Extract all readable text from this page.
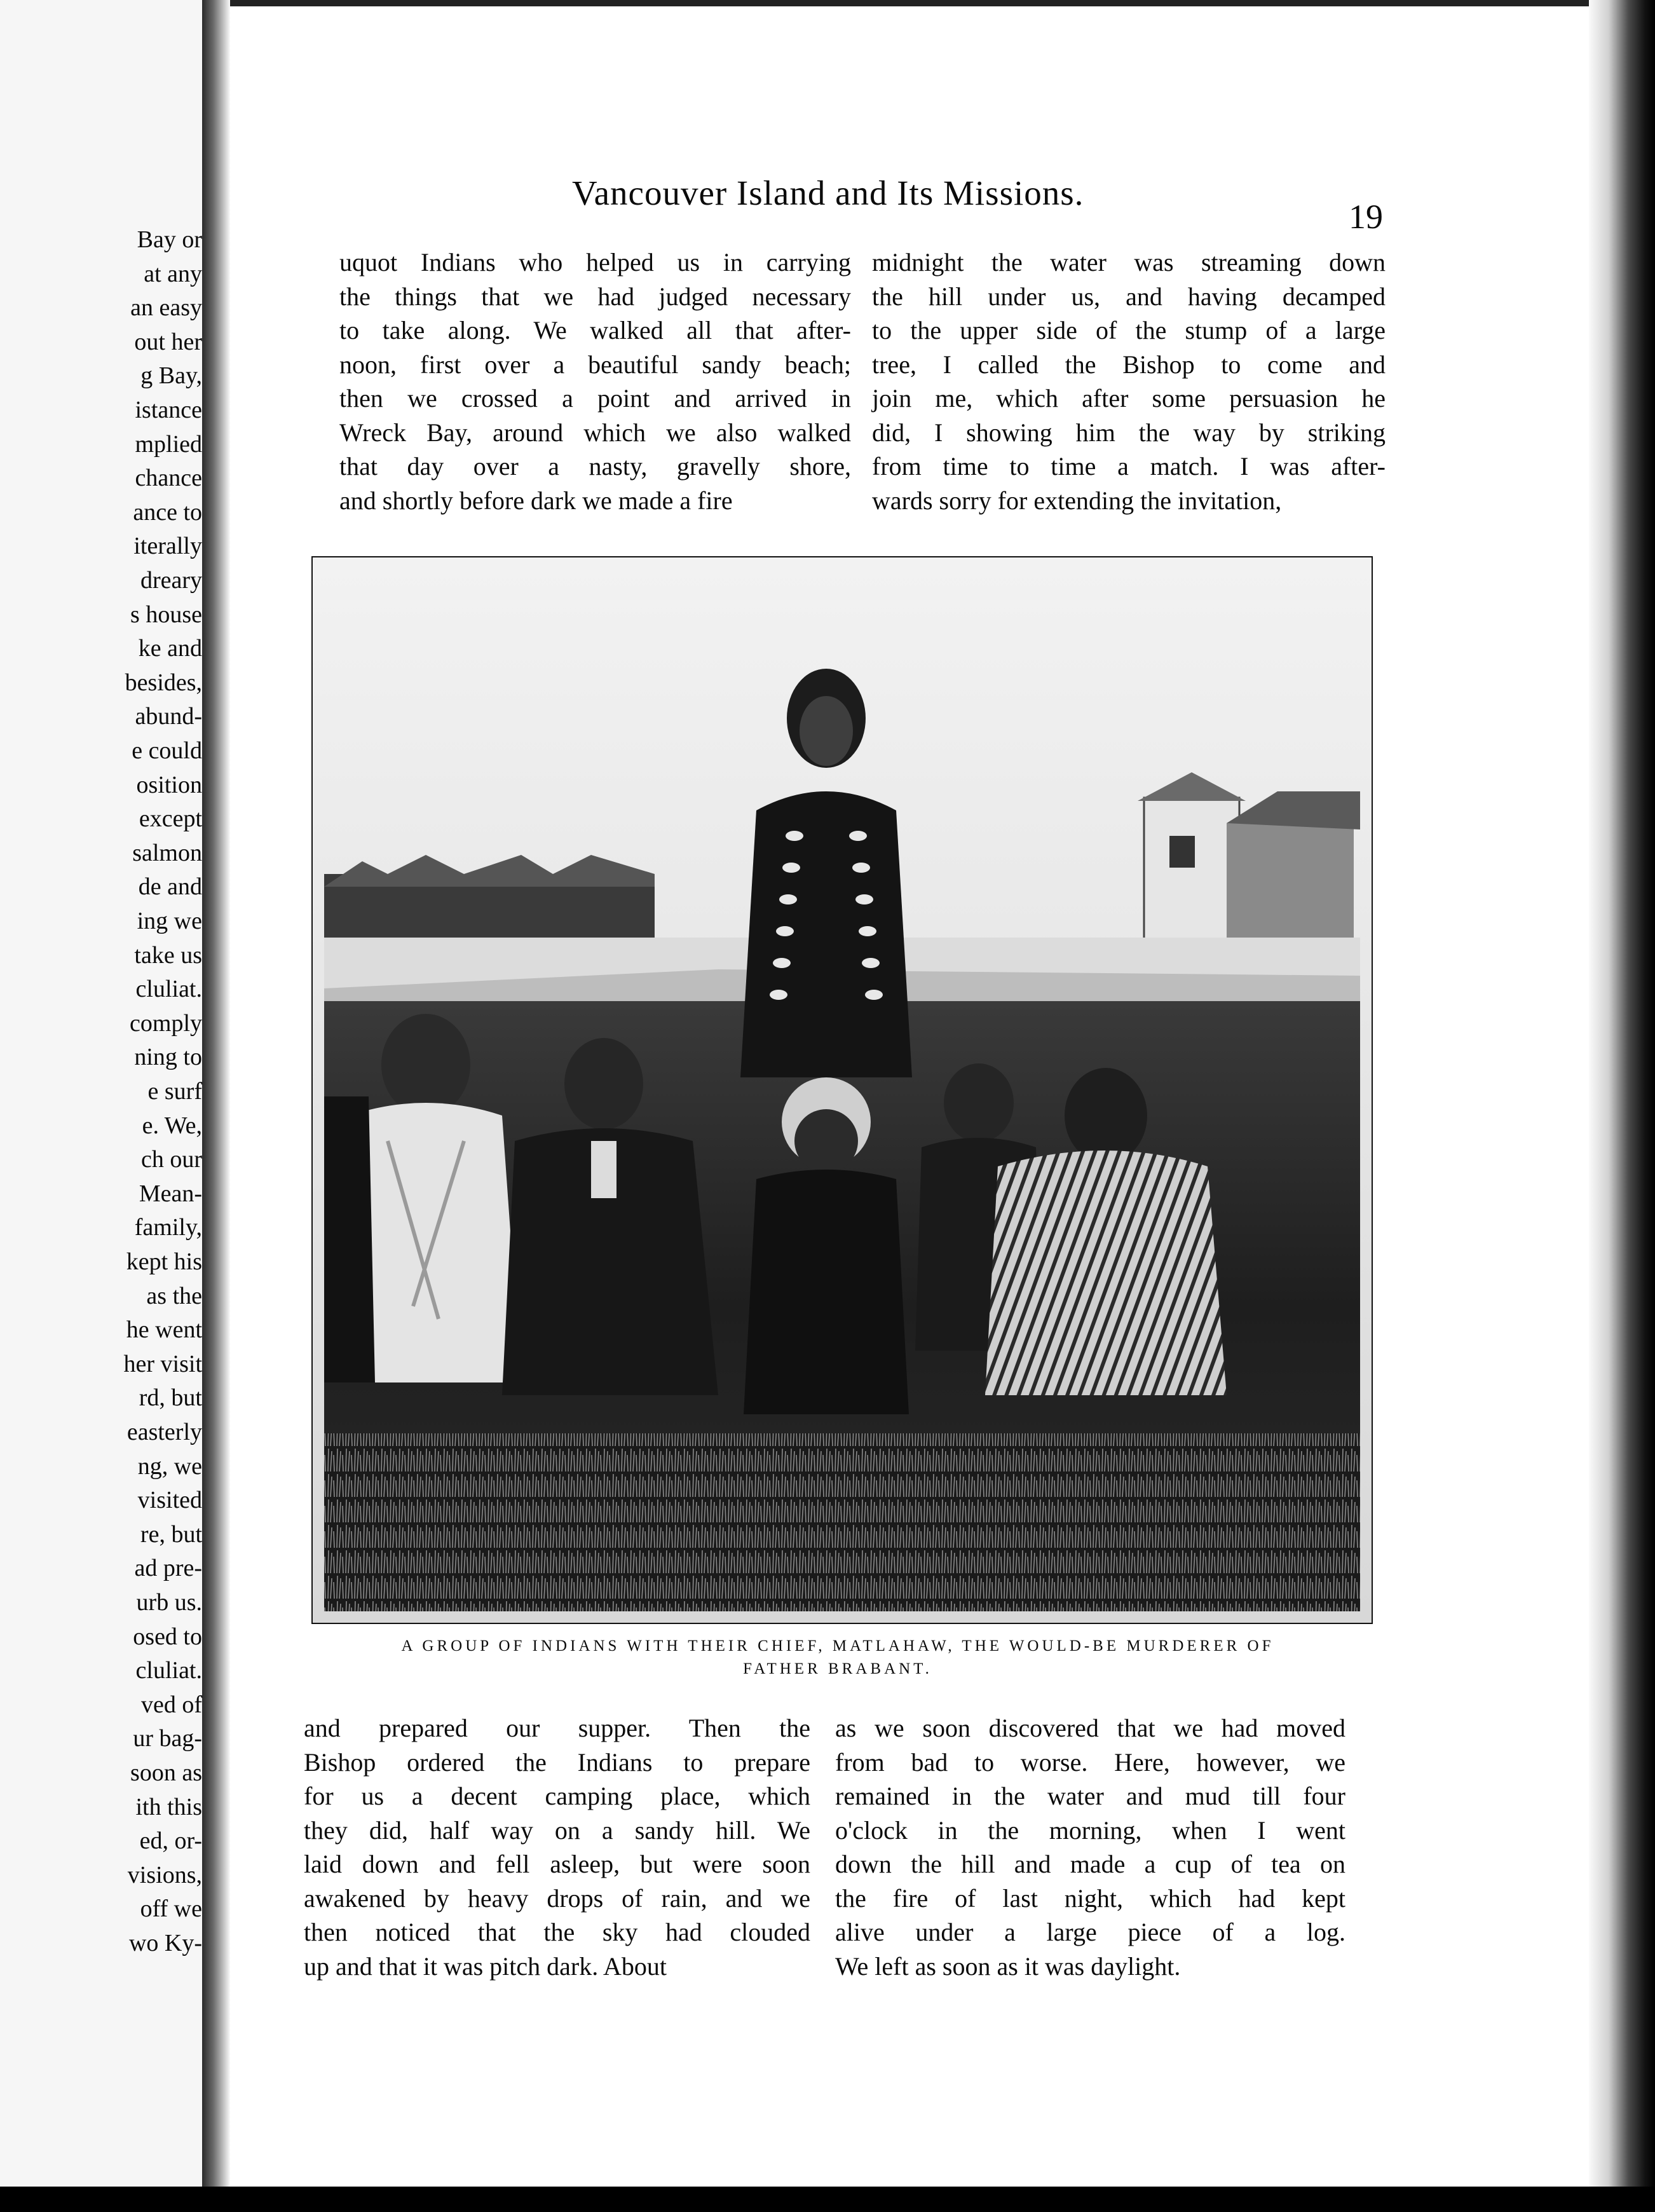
Bay or
at any
an easy
out her
g Bay,
istance
mplied
chance
ance to
iterally
dreary
s house
ke and
besides,
abund-
e could
osition
except
salmon
de and
ing we
take us
cluliat.
comply
ning to
e surf
e. We,
ch our
Mean-
family,
kept his
as the
he went
her visit
rd, but
easterly
ng, we
visited
re, but
ad pre-
urb us.
osed to
cluliat.
ved of
ur bag-
soon as
ith this
ed, or-
visions,
off we
wo Ky-
Vancouver Island and Its Missions.
19
uquot Indians who helped us in carrying
the things that we had judged necessary
to take along. We walked all that after-
noon, first over a beautiful sandy beach;
then we crossed a point and arrived in
Wreck Bay, around which we also walked
that day over a nasty, gravelly shore,
and shortly before dark we made a fire
midnight the water was streaming down
the hill under us, and having decamped
to the upper side of the stump of a large
tree, I called the Bishop to come and
join me, which after some persuasion he
did, I showing him the way by striking
from time to time a match. I was after-
wards sorry for extending the invitation,
A GROUP OF INDIANS WITH THEIR CHIEF, MATLAHAW, THE WOULD-BE MURDERER OF
FATHER BRABANT.
and prepared our supper. Then the
Bishop ordered the Indians to prepare
for us a decent camping place, which
they did, half way on a sandy hill. We
laid down and fell asleep, but were soon
awakened by heavy drops of rain, and we
then noticed that the sky had clouded
up and that it was pitch dark. About
as we soon discovered that we had moved
from bad to worse. Here, however, we
remained in the water and mud till four
o'clock in the morning, when I went
down the hill and made a cup of tea on
the fire of last night, which had kept
alive under a large piece of a log.
We left as soon as it was daylight.
